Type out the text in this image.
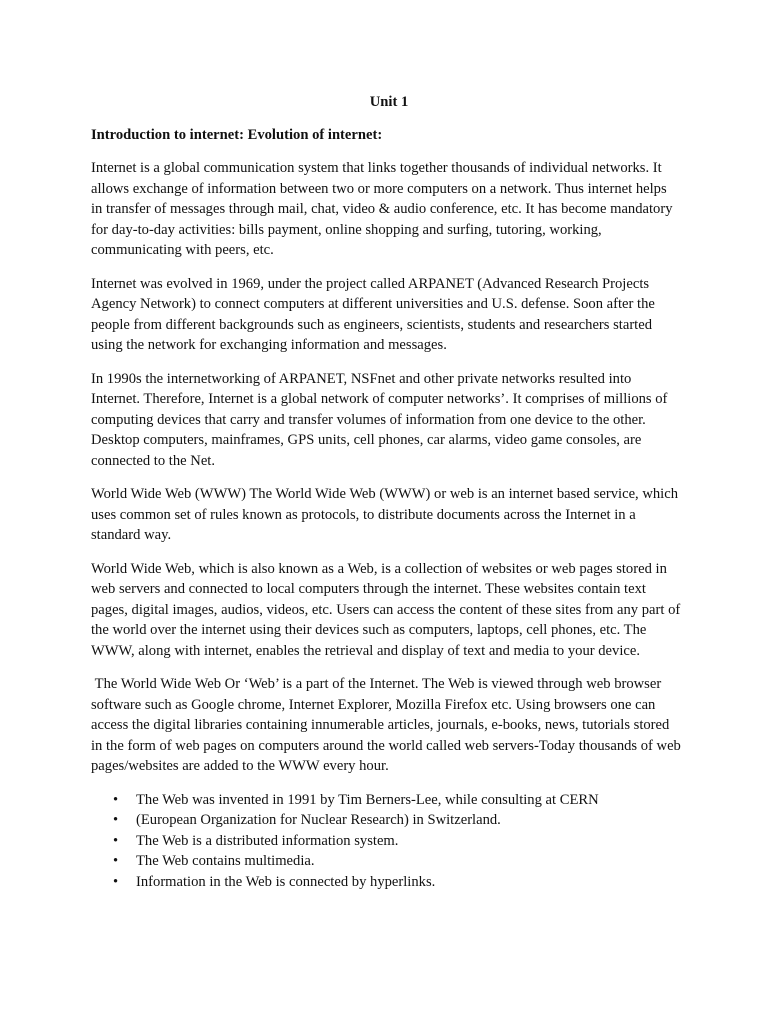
Unit 1
Introduction to internet: Evolution of internet:

Internet is a global communication system that links together thousands of individual networks. It allows exchange of information between two or more computers on a network. Thus internet helps in transfer of messages through mail, chat, video & audio conference, etc. It has become mandatory for day-to-day activities: bills payment, online shopping and surfing, tutoring, working, communicating with peers, etc.

Internet was evolved in 1969, under the project called ARPANET (Advanced Research Projects Agency Network) to connect computers at different universities and U.S. defense. Soon after the people from different backgrounds such as engineers, scientists, students and researchers started using the network for exchanging information and messages.

In 1990s the internetworking of ARPANET, NSFnet and other private networks resulted into Internet. Therefore, Internet is a global network of computer networks’. It comprises of millions of computing devices that carry and transfer volumes of information from one device to the other. Desktop computers, mainframes, GPS units, cell phones, car alarms, video game consoles, are connected to the Net.

World Wide Web (WWW) The World Wide Web (WWW) or web is an internet based service, which uses common set of rules known as protocols, to distribute documents across the Internet in a standard way.

World Wide Web, which is also known as a Web, is a collection of websites or web pages stored in web servers and connected to local computers through the internet. These websites contain text pages, digital images, audios, videos, etc. Users can access the content of these sites from any part of the world over the internet using their devices such as computers, laptops, cell phones, etc. The WWW, along with internet, enables the retrieval and display of text and media to your device.

The World Wide Web Or ‘Web’ is a part of the Internet. The Web is viewed through web browser software such as Google chrome, Internet Explorer, Mozilla Firefox etc. Using browsers one can access the digital libraries containing innumerable articles, journals, e-books, news, tutorials stored in the form of web pages on computers around the world called web servers-Today thousands of web pages/websites are added to the WWW every hour.

• The Web was invented in 1991 by Tim Berners-Lee, while consulting at CERN
• (European Organization for Nuclear Research) in Switzerland.
• The Web is a distributed information system.
• The Web contains multimedia.
• Information in the Web is connected by hyperlinks.
